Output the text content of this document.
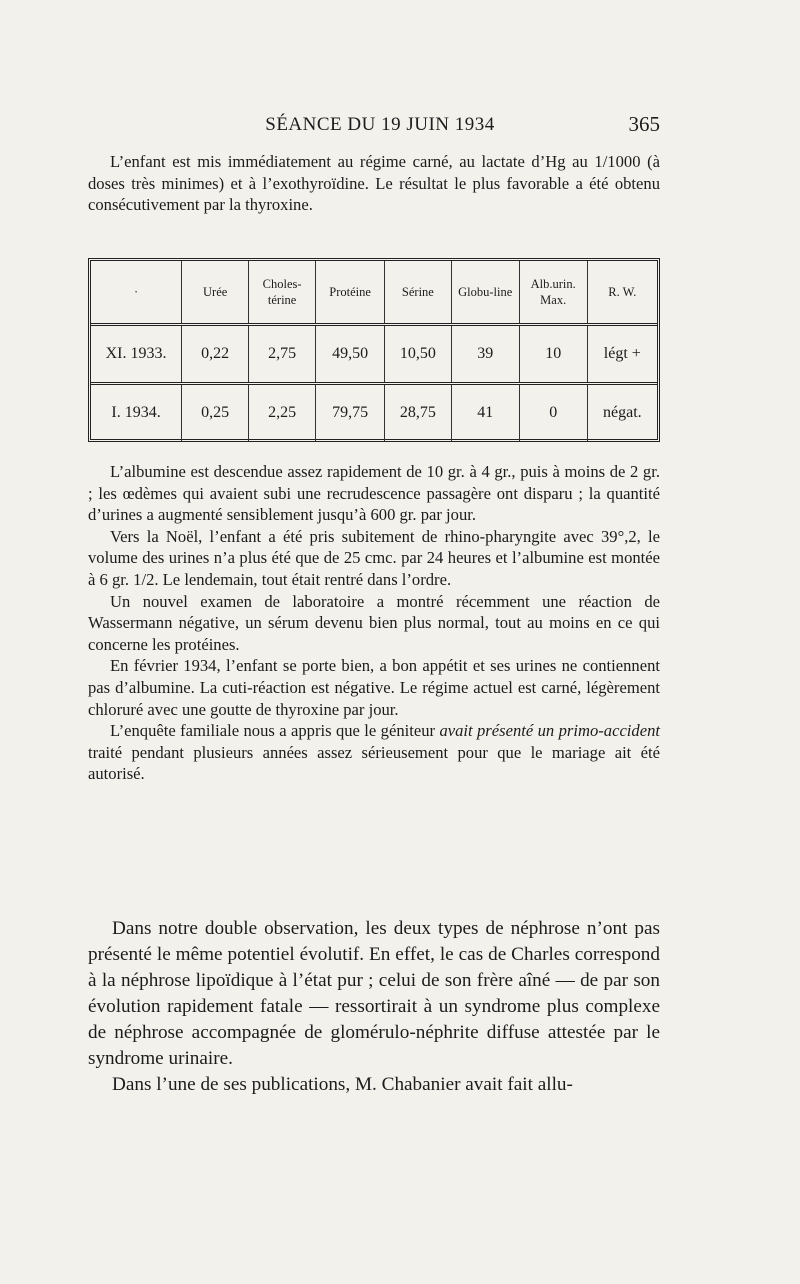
SÉANCE DU 19 JUIN 1934	365

L’enfant est mis immédiatement au régime carné, au lactate d’Hg au 1/1000 (à doses très minimes) et à l’exothyroïdine. Le résultat le plus favorable a été obtenu consécutivement par la thyroxine.

·	Urée	Choles-térine	Protéine	Sérine	Globu-line	Alb.urin. Max.	R. W.
XI. 1933.	0,22	2,75	49,50	10,50	39	10	légt +
I. 1934.	0,25	2,25	79,75	28,75	41	0	négat.

L’albumine est descendue assez rapidement de 10 gr. à 4 gr., puis à moins de 2 gr. ; les œdèmes qui avaient subi une recrudescence passagère ont disparu ; la quantité d’urines a augmenté sensiblement jusqu’à 600 gr. par jour.

Vers la Noël, l’enfant a été pris subitement de rhino-pharyngite avec 39°,2, le volume des urines n’a plus été que de 25 cmc. par 24 heures et l’albumine est montée à 6 gr. 1/2. Le lendemain, tout était rentré dans l’ordre.

Un nouvel examen de laboratoire a montré récemment une réaction de Wassermann négative, un sérum devenu bien plus normal, tout au moins en ce qui concerne les protéines.

En février 1934, l’enfant se porte bien, a bon appétit et ses urines ne contiennent pas d’albumine. La cuti-réaction est négative. Le régime actuel est carné, légèrement chloruré avec une goutte de thyroxine par jour.

L’enquête familiale nous a appris que le géniteur avait présenté un primo-accident traité pendant plusieurs années assez sérieusement pour que le mariage ait été autorisé.

Dans notre double observation, les deux types de néphrose n’ont pas présenté le même potentiel évolutif. En effet, le cas de Charles correspond à la néphrose lipoïdique à l’état pur ; celui de son frère aîné — de par son évolution rapidement fatale — ressortirait à un syndrome plus complexe de néphrose accompagnée de glomérulo-néphrite diffuse attestée par le syndrome urinaire.

Dans l’une de ses publications, M. Chabanier avait fait allu-
